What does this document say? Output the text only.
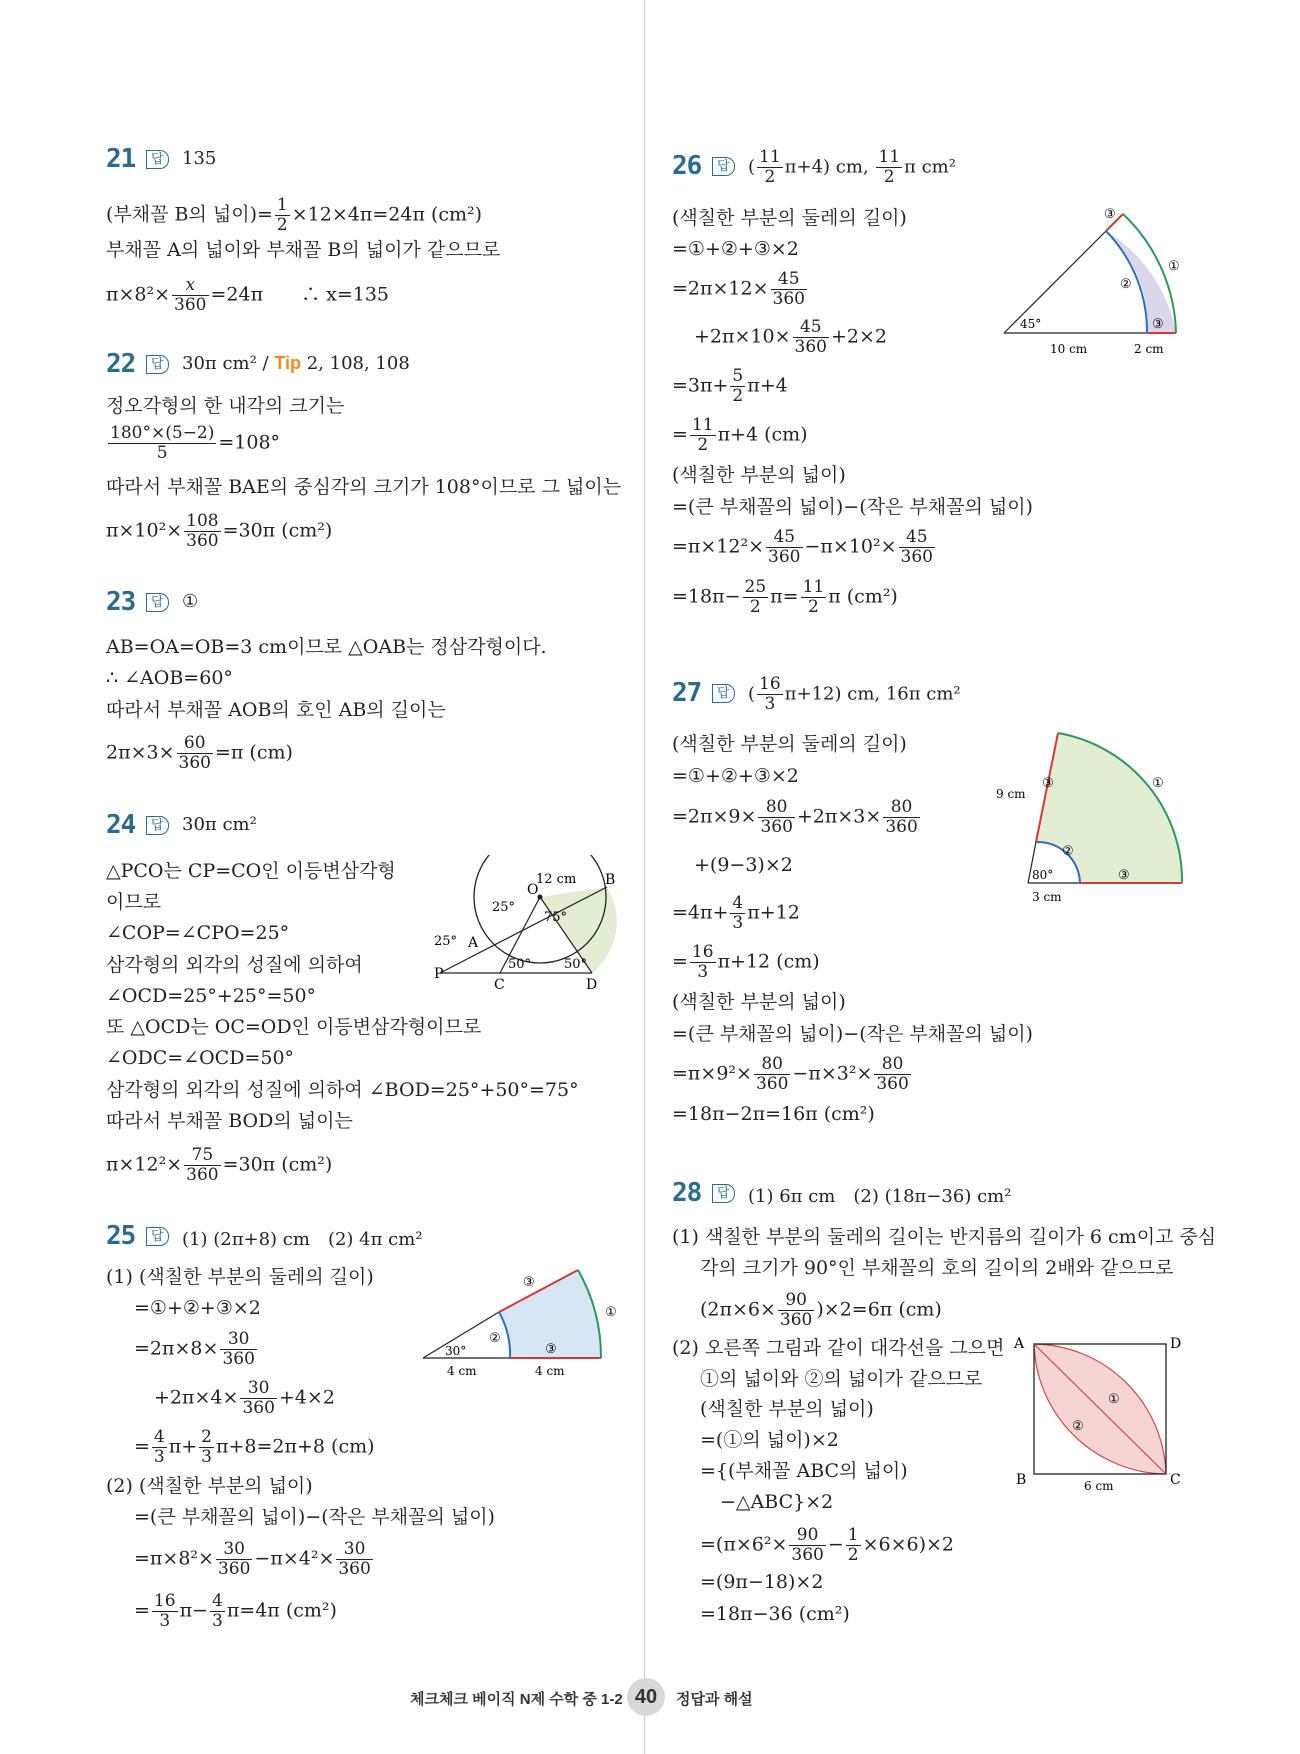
21	답 135
(부채꼴 B의 넓이)= $\frac{1}{2} \times 12\times 4\pi=24\pi$ (cm²)
부채꼴 A의 넓이와 부채꼴 B의 넓이가 같으므로
$\pi\times 8^2\times \frac{x}{360} =24\pi$　　∴ x=135
22	답 30π cm² / Tip 2, 108, 108
정오각형의 한 내각의 크기는
$\frac{180^\circ\times(5-2)}{5} =108^\circ$
따라서 부채꼴 BAE의 중심각의 크기가 108°이므로 그 넓이는
$\pi\times 10^2\times \frac{108}{360} =30\pi$ (cm²)
23	답 ①
AB=OA=OB=3 cm이므로 △OAB는 정삼각형이다.
∴ ∠AOB=60°
따라서 부채꼴 AOB의 호인 AB의 길이는
$2\pi\times 3\times \frac{60}{360} =\pi$ (cm)
24	답 30π cm²
△PCO는 CP=CO인 이등변삼각형
이므로
∠COP=∠CPO=25°
삼각형의 외각의 성질에 의하여
∠OCD=25°+25°=50°
또 △OCD는 OC=OD인 이등변삼각형이므로
∠ODC=∠OCD=50°
삼각형의 외각의 성질에 의하여 ∠BOD=25°+50°=75°
따라서 부채꼴 BOD의 넓이는
$\pi\times 12^2\times \frac{75}{360} =30\pi$ (cm²)
P
A
O
B
C	D
12 cm
25°
25°
75°
50°	50°
25	답 (1) (2π+8) cm　(2) 4π cm²
(1) (색칠한 부분의 둘레의 길이)
=①+②+③×2
$=2\pi\times 8\times \frac{30}{360}$
$+2\pi\times 4\times \frac{30}{360} +4\times 2$
= $\frac{4}{3} \pi+ \frac{2}{3} \pi+8=2\pi+8$ (cm)
(2) (색칠한 부분의 넓이)
=(큰 부채꼴의 넓이)−(작은 부채꼴의 넓이)
$=\pi\times 8^2\times \frac{30}{360} -\pi\times 4^2\times \frac{30}{360}$
= $\frac{16}{3} \pi- \frac{4}{3} \pi=4\pi$ (cm²)
30°
4 cm	4 cm
①
②
③
③
26	답 ( $\frac{11}{2} \pi+4$) cm, $\frac{11}{2}$ π cm²
(색칠한 부분의 둘레의 길이)
=①+②+③×2
$=2\pi\times 12\times \frac{45}{360}$
$+2\pi\times 10\times \frac{45}{360} +2\times 2$
$=3\pi+ \frac{5}{2} \pi+4$
= $\frac{11}{2} \pi+4$ (cm)
(색칠한 부분의 넓이)
=(큰 부채꼴의 넓이)−(작은 부채꼴의 넓이)
$=\pi\times 12^2\times \frac{45}{360} -\pi\times 10^2\times \frac{45}{360}$
$=18\pi- \frac{25}{2} \pi= \frac{11}{2}$ π (cm²)
45°
10 cm	2 cm
①
②
③
③
27	답 ( $\frac{16}{3} \pi+12$) cm, 16π cm²
(색칠한 부분의 둘레의 길이)
=①+②+③×2
$=2\pi\times 9\times \frac{80}{360} +2\pi\times 3\times \frac{80}{360}$
+(9−3)×2
$=4\pi+ \frac{4}{3} \pi+12$
= $\frac{16}{3} \pi+12$ (cm)
(색칠한 부분의 넓이)
=(큰 부채꼴의 넓이)−(작은 부채꼴의 넓이)
$=\pi\times 9^2\times \frac{80}{360} -\pi\times 3^2\times \frac{80}{360}$
=18π−2π=16π (cm²)
80°
9 cm
3 cm
①
②
③
③
28	답 (1) 6π cm　(2) (18π−36) cm²
(1) 색칠한 부분의 둘레의 길이는 반지름의 길이가 6 cm이고 중심
각의 크기가 90°인 부채꼴의 호의 길이의 2배와 같으므로
$(2\pi\times 6\times \frac{90}{360} )\times 2=6\pi$ (cm)
(2) 오른쪽 그림과 같이 대각선을 그으면
①의 넓이와 ②의 넓이가 같으므로
(색칠한 부분의 넓이)
=(①의 넓이)×2
={(부채꼴 ABC의 넓이)
−△ABC}×2
$=(\pi\times 6^2\times \frac{90}{360} - \frac{1}{2} \times 6\times 6)\times 2$
=(9π−18)×2
=18π−36 (cm²)
A	D
B	C
6 cm
①
②
체크체크 베이직 N제 수학 중 1-2 40	정답과 해설
